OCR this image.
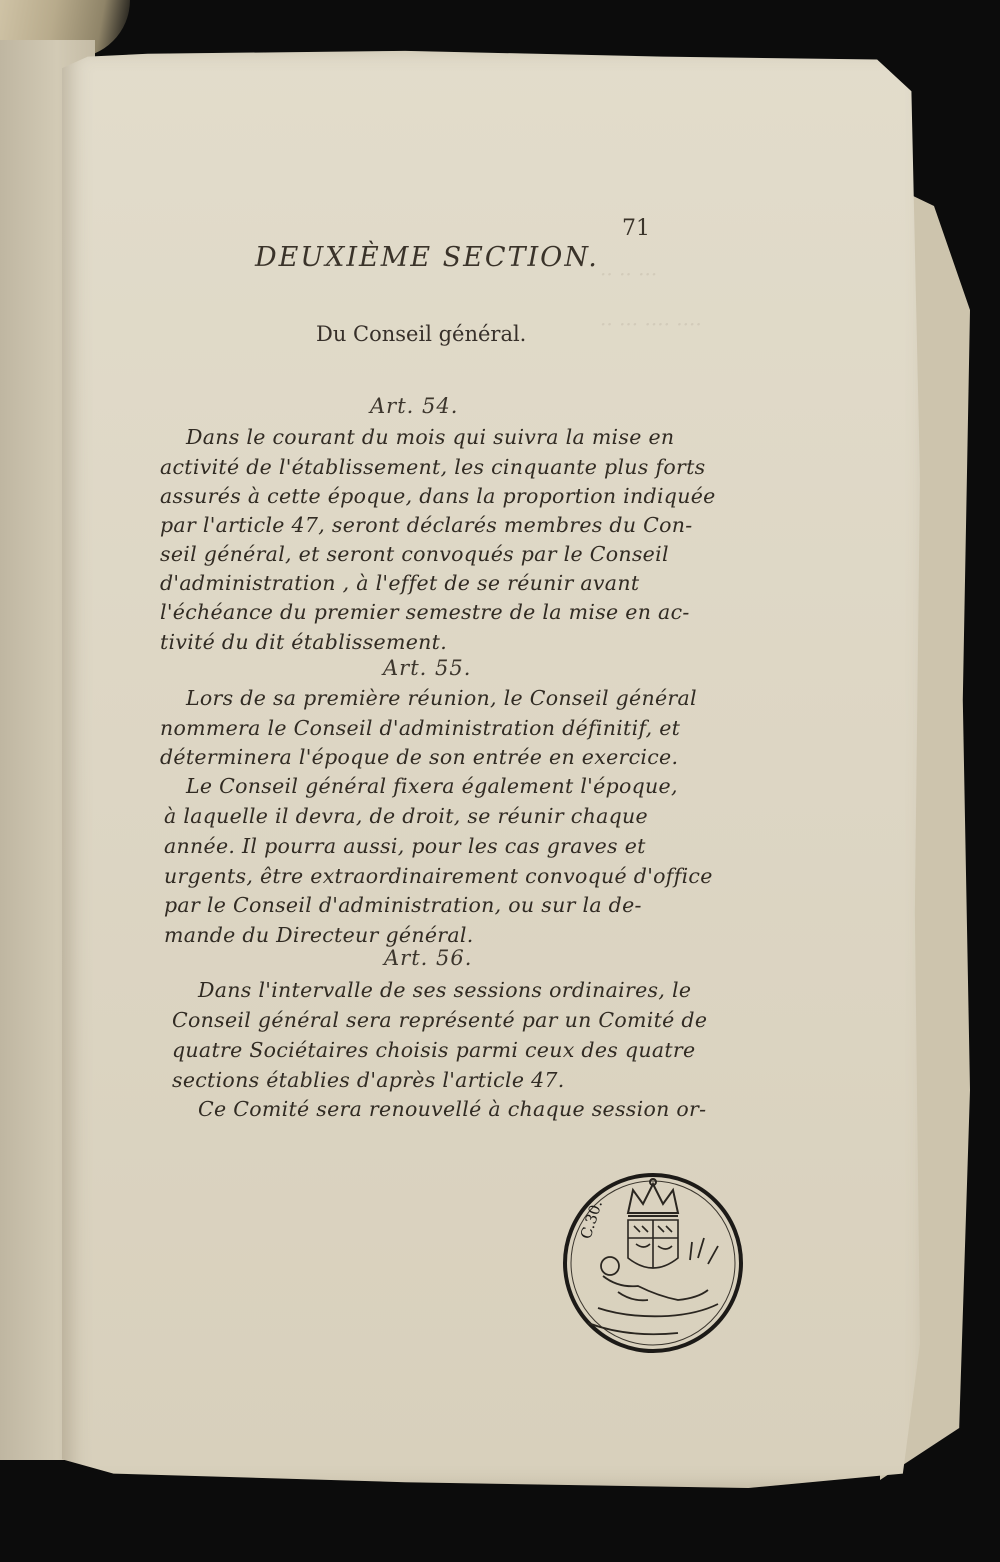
·· ·· ···
·· ··· ···· ····
71
DEUXIÈME SECTION.
Du Conseil général.
Art. 54.
Dans le courant du mois qui suivra la mise en
activité de l'établissement, les cinquante plus forts
assurés à cette époque, dans la proportion indiquée
par l'article 47, seront déclarés membres du Con-
seil général, et seront convoqués par le Conseil
d'administration , à l'effet de se réunir avant
l'échéance du premier semestre de la mise en ac-
tivité du dit établissement.
Art. 55.
Lors de sa première réunion, le Conseil général
nommera le Conseil d'administration définitif, et
déterminera l'époque de son entrée en exercice.
Le Conseil général fixera également l'époque,
à laquelle il devra, de droit, se réunir chaque
année. Il pourra aussi, pour les cas graves et
urgents, être extraordinairement convoqué d'office
par le Conseil d'administration, ou sur la de-
mande du Directeur général.
Art. 56.
Dans l'intervalle de ses sessions ordinaires, le
Conseil général sera représenté par un Comité de
quatre Sociétaires choisis parmi ceux des quatre
sections établies d'après l'article 47.
Ce Comité sera renouvellé à chaque session or-
C.30.
